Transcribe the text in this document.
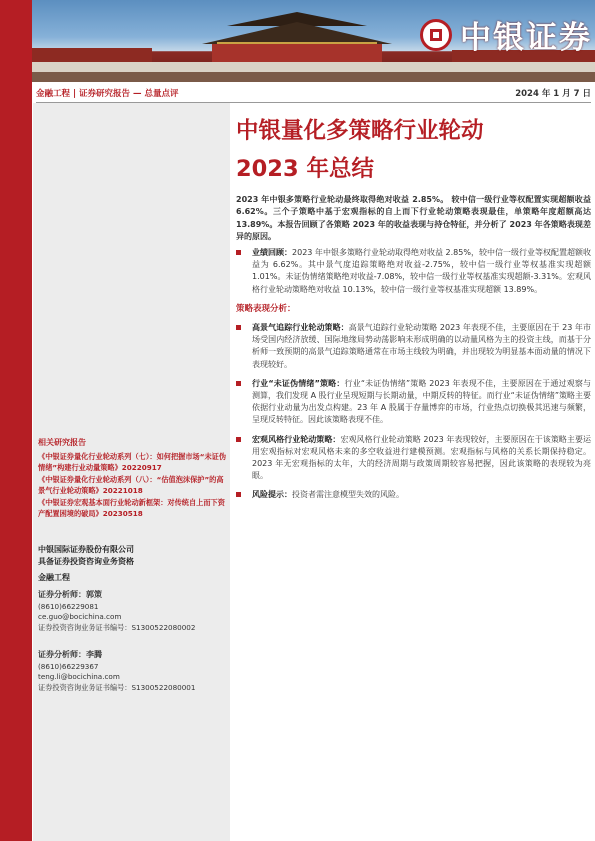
中银证券
金融工程 | 证券研究报告 — 总量点评	2024 年 1 月 7 日
中银量化多策略行业轮动
2023 年总结
2023 年中银多策略行业轮动最终取得绝对收益 2.85%。 较中信一级行业等权配置实现超额收益 6.62%。三个子策略中基于宏观指标的自上而下行业轮动策略表现最佳，单策略年度超额高达 13.89%。本报告回顾了各策略 2023 年的收益表现与持仓特征，并分析了 2023 年各策略表现差异的原因。
业绩回顾：2023 年中银多策略行业轮动取得绝对收益 2.85%，较中信一级行业等权配置超额收益为 6.62%。其中景气度追踪策略绝对收益-2.75%，较中信一级行业等权基准实现超额 1.01%。未证伪情绪策略绝对收益-7.08%，较中信一级行业等权基准实现超额-3.31%。宏观风格行业轮动策略绝对收益 10.13%，较中信一级行业等权基准实现超额 13.89%。
策略表现分析：
高景气追踪行业轮动策略：高景气追踪行业轮动策略 2023 年表现不佳，主要原因在于 23 年市场受国内经济放缓、国际地缘局势动荡影响未形成明确的以动量风格为主的投资主线，而基于分析师一致预期的高景气追踪策略通常在市场主线较为明确，并出现较为明显基本面动量的情况下表现较好。
行业“未证伪情绪”策略：行业“未证伪情绪”策略 2023 年表现不佳，主要原因在于通过观察与测算，我们发现 A 股行业呈现短期与长期动量，中期反转的特征。而行业“未证伪情绪”策略主要依据行业动量为出发点构建。23 年 A 股属于存量博弈的市场，行业热点切换极其迅速与频繁，呈现反转特征。因此该策略表现不佳。
宏观风格行业轮动策略：宏观风格行业轮动策略 2023 年表现较好，主要原因在于该策略主要运用宏观指标对宏观风格未来的多空收益进行建模预测。宏观指标与风格的关系长期保持稳定。2023 年无宏观指标的太年，大的经济周期与政策周期较容易把握，因此该策略的表现较为亮眼。
风险提示：投资者需注意模型失效的风险。
相关研究报告
《中银证券量化行业轮动系列（七）：如何把握市场“未证伪情绪”构建行业动量策略》20220917
《中银证券量化行业轮动系列（八）：“估值泡沫保护”的高景气行业轮动策略》20221018
《中银证券宏观基本面行业轮动新框架：对传统自上而下资产配置困境的破局》20230518
中银国际证券股份有限公司
具备证券投资咨询业务资格
金融工程
证券分析师：郭策
(8610)66229081
ce.guo@bocichina.com
证券投资咨询业务证书编号：S1300522080002
证券分析师：李腾
(8610)66229367
teng.li@bocichina.com
证券投资咨询业务证书编号：S1300522080001
